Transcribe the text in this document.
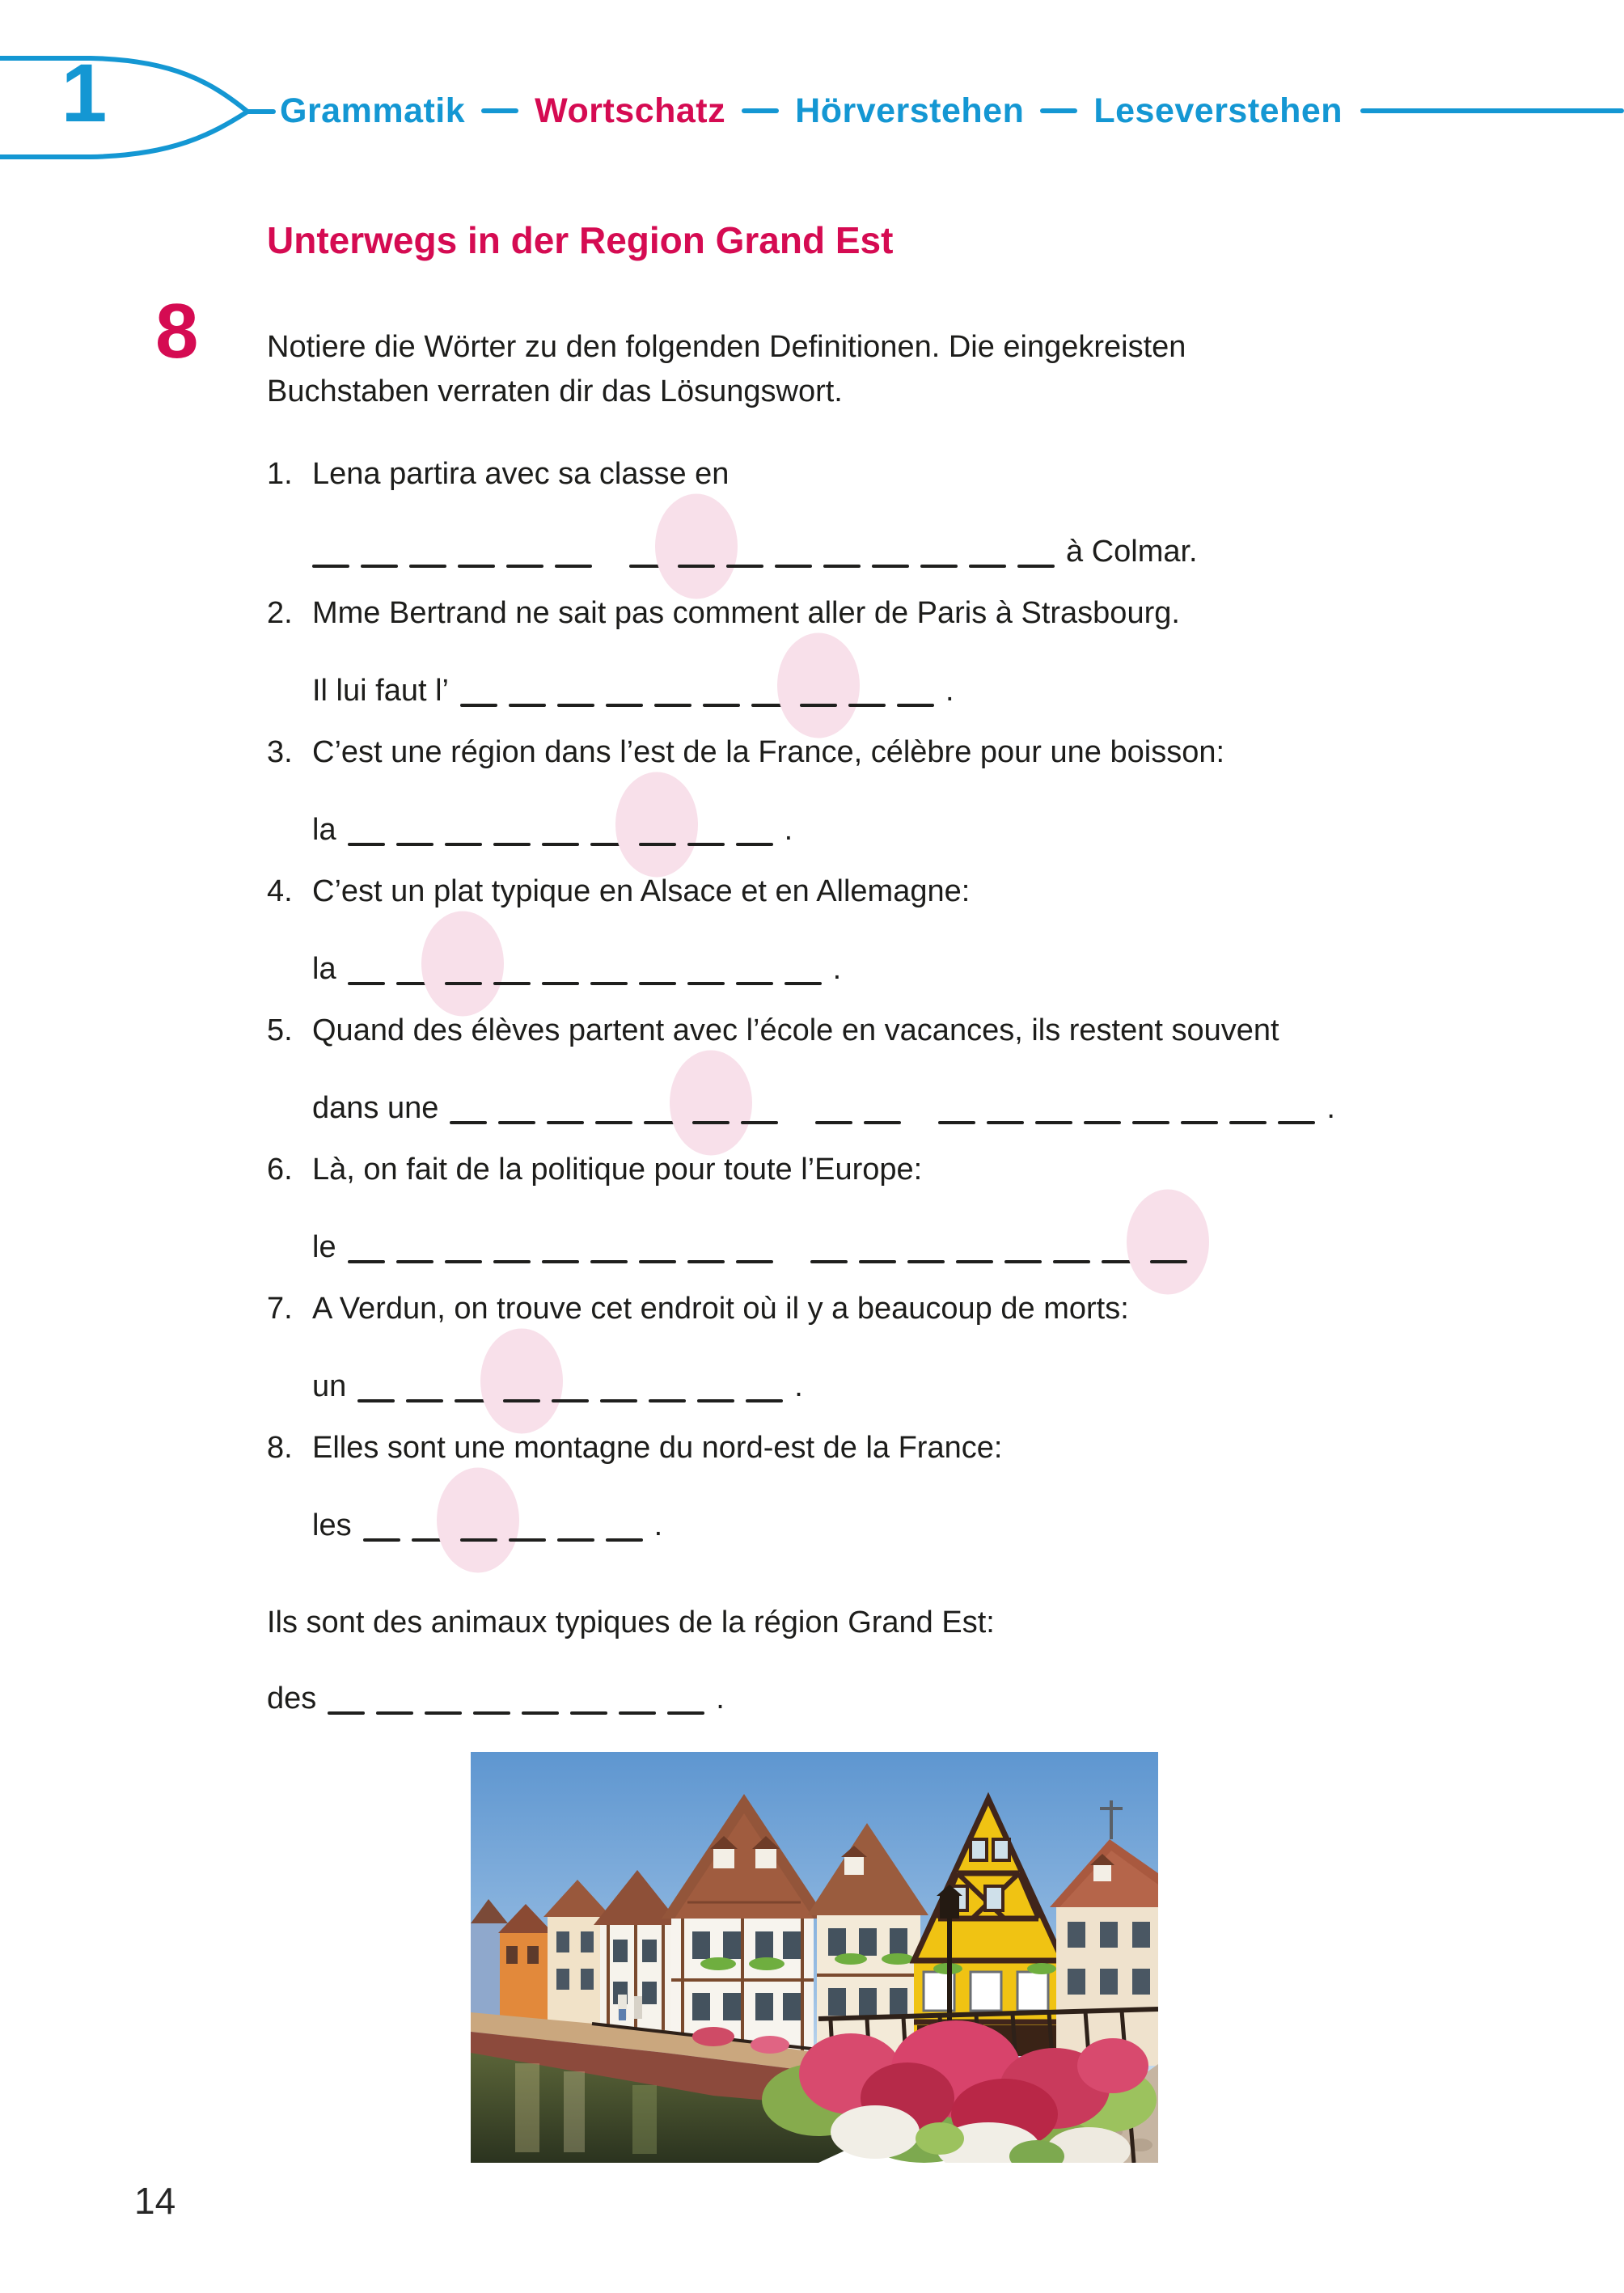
1	Grammatik Wortschatz Hörverstehen Leseverstehen
Unterwegs in der Region Grand Est
8 Notiere die Wörter zu den folgenden Definitionen. Die eingekreisten
Buchstaben verraten dir das Lösungswort.
1. Lena partira avec sa classe en
à Colmar.
2. Mme Bertrand ne sait pas comment aller de Paris à Strasbourg.
Il lui faut l’	.
3. C’est une région dans l’est de la France, célèbre pour une boisson:
la	.
4. C’est un plat typique en Alsace et en Allemagne:
la	.
5. Quand des élèves partent avec l’école en vacances, ils restent souvent
dans une	.
6. Là, on fait de la politique pour toute l’Europe:
le	.
7. A Verdun, on trouve cet endroit où il y a beaucoup de morts:
un	.
8. Elles sont une montagne du nord-est de la France:
les	.
Ils sont des animaux typiques de la région Grand Est:
des	.
14
